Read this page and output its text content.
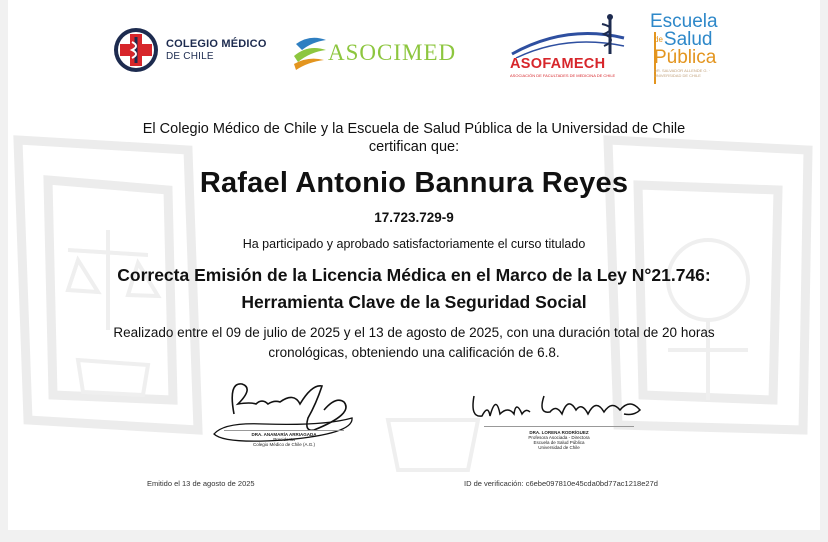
COLEGIO MÉDICO
DE CHILE	ASOCIMED	ASOFAMECH
ASOCIACIÓN DE FACULTADES DE MEDICINA DE CHILE
Escuela
$^{de}$Salud
Pública
DR. SALVADOR ALLENDE G. · UNIVERSIDAD DE CHILE
El Colegio Médico de Chile y la Escuela de Salud Pública de la Universidad de Chile
certifican que:
Rafael Antonio Bannura Reyes
17.723.729-9
Ha participado y aprobado satisfactoriamente el curso titulado
Correcta Emisión de la Licencia Médica en el Marco de la Ley N°21.746:
Herramienta Clave de la Seguridad Social
Realizado entre el 09 de julio de 2025 y el 13 de agosto de 2025, con una duración total de 20 horas
cronológicas, obteniendo una calificación de 6.8.
DRA. ANAMARÍA ARRIAGADA
Presidenta
Colegio Médico de Chile (A.G.)
DRA. LORENA RODRÍGUEZ
Profesora Asociada - Directora
Escuela de Salud Pública
Universidad de Chile
Emitido el 13 de agosto de 2025	ID de verificación: c6ebe097810e45cda0bd77ac1218e27d
